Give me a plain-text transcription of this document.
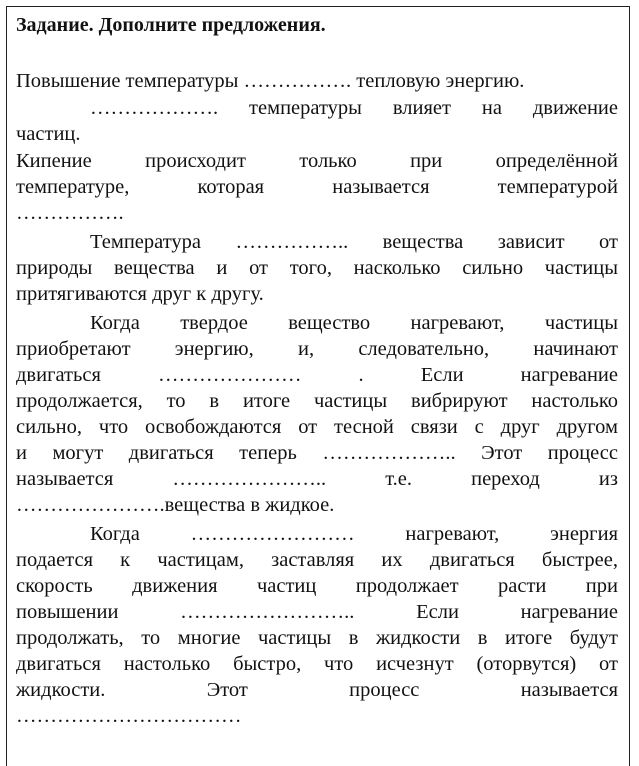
Задание. Дополните предложения.
Повышение температуры ……………. тепловую энергию.
………………. температуры влияет на движение
частиц.
Кипение происходит только при определённой
температуре, которая называется температурой
…………….
Температура …………….. вещества зависит от
природы вещества и от того, насколько сильно частицы
притягиваются друг к другу.
Когда твердое вещество нагревают, частицы
приобретают энергию, и, следовательно, начинают
двигаться ………………… . Если нагревание
продолжается, то в итоге частицы вибрируют настолько
сильно, что освобождаются от тесной связи с друг другом
и могут двигаться теперь ……………….. Этот процесс
называется ………………….. т.е. переход из
………………….вещества в жидкое.
Когда …………………… нагревают, энергия
подается к частицам, заставляя их двигаться быстрее,
скорость движения частиц продолжает расти при
повышении …………………….. Если нагревание
продолжать, то многие частицы в жидкости в итоге будут
двигаться настолько быстро, что исчезнут (оторвутся) от
жидкости. Этот процесс называется
……………………………
